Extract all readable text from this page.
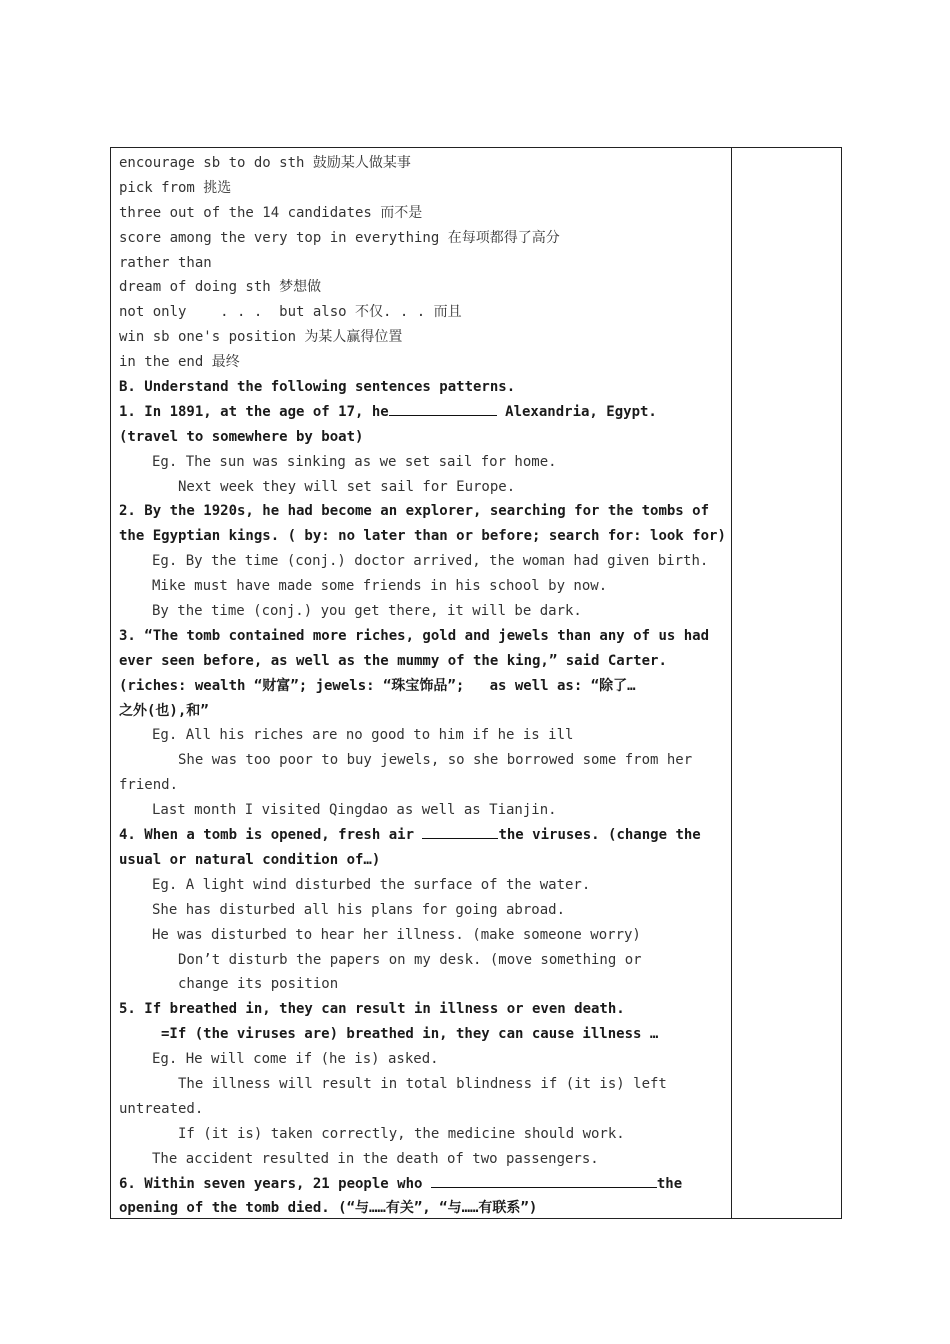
encourage sb to do sth 鼓励某人做某事
pick from 挑选
three out of the 14 candidates 而不是
score among the very top in everything 在每项都得了高分
rather than
dream of doing sth 梦想做
not only    . . .  but also 不仅. . . 而且
win sb one's position 为某人赢得位置
in the end 最终
B. Understand the following sentences patterns.
1. In 1891, at the age of 17, he	Alexandria, Egypt.
(travel to somewhere by boat)
Eg. The sun was sinking as we set sail for home.
Next week they will set sail for Europe.
2. By the 1920s, he had become an explorer, searching for the tombs of
the Egyptian kings. ( by: no later than or before; search for: look for)
Eg. By the time (conj.) doctor arrived, the woman had given birth.
Mike must have made some friends in his school by now.
By the time (conj.) you get there, it will be dark.
3. “The tomb contained more riches, gold and jewels than any of us had
ever seen before, as well as the mummy of the king,” said Carter.
(riches: wealth “财富”; jewels: “珠宝饰品”;   as well as: “除了…
之外(也),和”
Eg. All his riches are no good to him if he is ill
She was too poor to buy jewels, so she borrowed some from her
friend.
Last month I visited Qingdao as well as Tianjin.
4. When a tomb is opened, fresh air	the viruses. (change the
usual or natural condition of…)
Eg. A light wind disturbed the surface of the water.
She has disturbed all his plans for going abroad.
He was disturbed to hear her illness. (make someone worry)
Don’t disturb the papers on my desk. (move something or
change its position
5. If breathed in, they can result in illness or even death.
=If (the viruses are) breathed in, they can cause illness …
Eg. He will come if (he is) asked.
The illness will result in total blindness if (it is) left
untreated.
If (it is) taken correctly, the medicine should work.
The accident resulted in the death of two passengers.
6. Within seven years, 21 people who	the
opening of the tomb died. (“与……有关”, “与……有联系”)
